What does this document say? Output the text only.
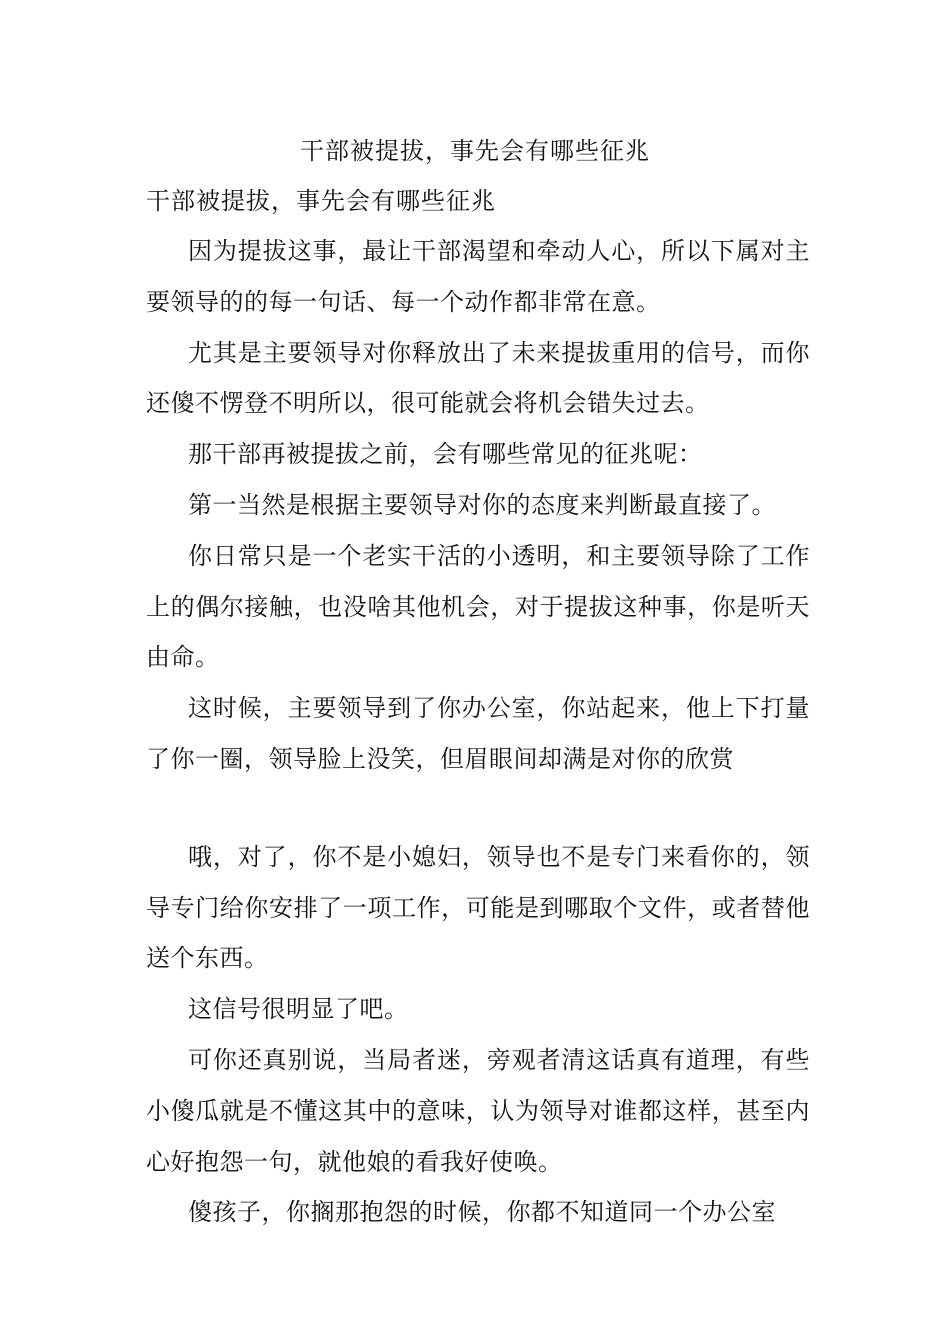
干部被提拔，事先会有哪些征兆
干部被提拔，事先会有哪些征兆

因为提拔这事，最让干部渴望和牵动人心，所以下属对主要领导的的每一句话、每一个动作都非常在意。

尤其是主要领导对你释放出了未来提拔重用的信号，而你还傻不愣登不明所以，很可能就会将机会错失过去。

那干部再被提拔之前，会有哪些常见的征兆呢：

第一当然是根据主要领导对你的态度来判断最直接了。

你日常只是一个老实干活的小透明，和主要领导除了工作上的偶尔接触，也没啥其他机会，对于提拔这种事，你是听天由命。

这时候，主要领导到了你办公室，你站起来，他上下打量了你一圈，领导脸上没笑，但眉眼间却满是对你的欣赏

哦，对了，你不是小媳妇，领导也不是专门来看你的，领导专门给你安排了一项工作，可能是到哪取个文件，或者替他送个东西。

这信号很明显了吧。

可你还真别说，当局者迷，旁观者清这话真有道理，有些小傻瓜就是不懂这其中的意味，认为领导对谁都这样，甚至内心好抱怨一句，就他娘的看我好使唤。

傻孩子，你搁那抱怨的时候，你都不知道同一个办公室
